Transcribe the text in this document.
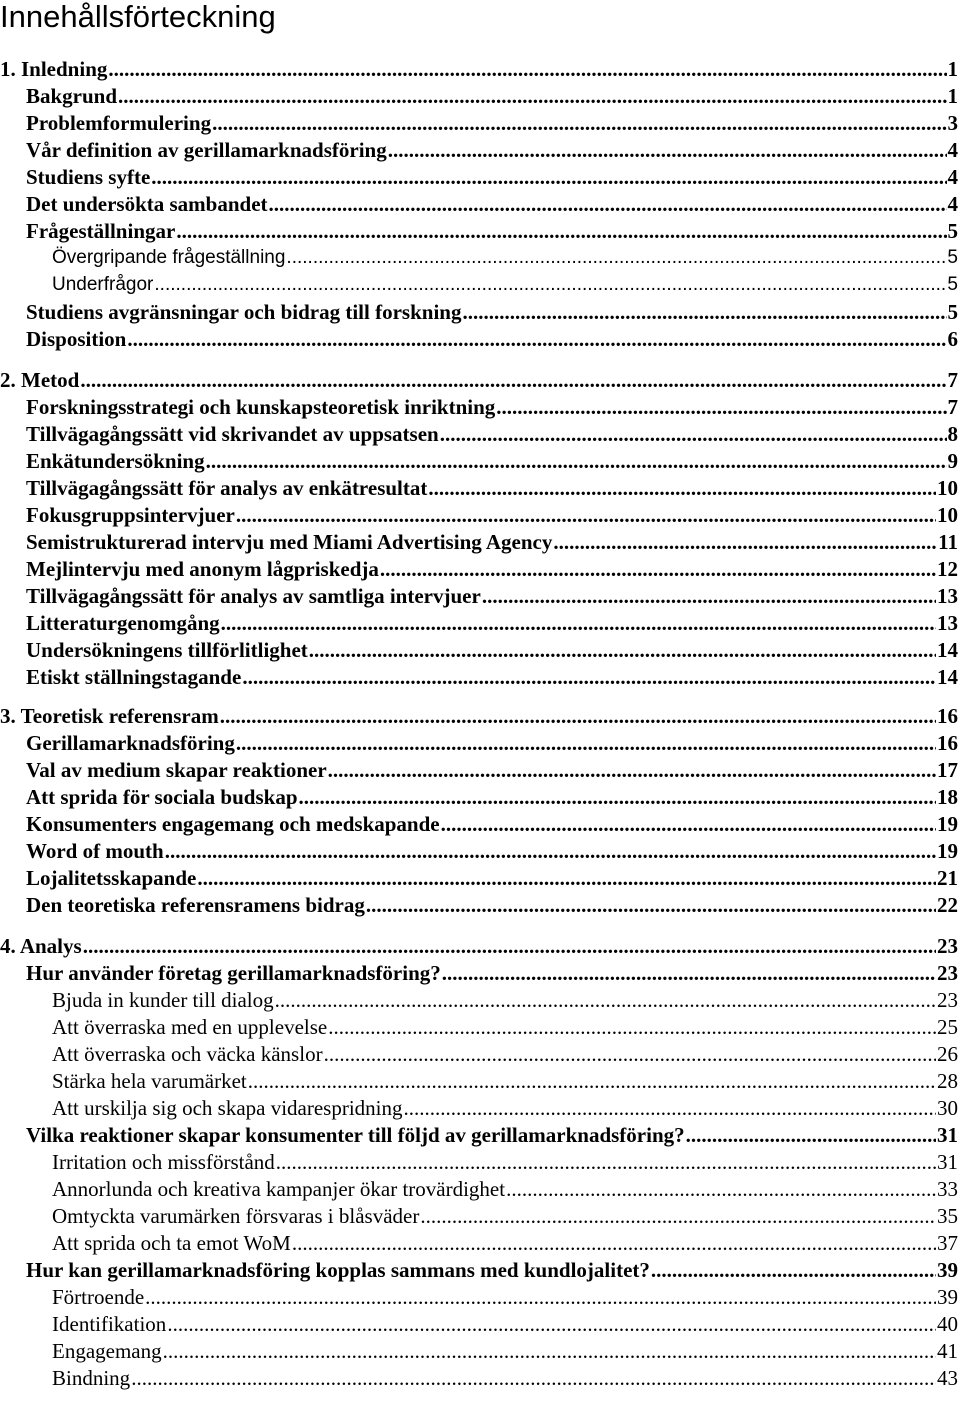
Innehållsförteckning
1. Inledning .....	1
Bakgrund .....	1
Problemformulering .....	3
Vår definition av gerillamarknadsföring .....	4
Studiens syfte .....	4
Det undersökta sambandet .....	4
Frågeställningar .....	5
Övergripande frågeställning .....	5
Underfrågor .....	5
Studiens avgränsningar och bidrag till forskning .....	5
Disposition .....	6
2. Metod .....	7
Forskningsstrategi och kunskapsteoretisk inriktning .....	7
Tillvägagångssätt vid skrivandet av uppsatsen .....	8
Enkätundersökning .....	9
Tillvägagångssätt för analys av enkätresultat .....	10
Fokusgruppsintervjuer .....	10
Semistrukturerad intervju med Miami Advertising Agency .....	11
Mejlintervju med anonym lågpriskedja .....	12
Tillvägagångssätt för analys av samtliga intervjuer .....	13
Litteraturgenomgång .....	13
Undersökningens tillförlitlighet .....	14
Etiskt ställningstagande .....	14
3. Teoretisk referensram .....	16
Gerillamarknadsföring .....	16
Val av medium skapar reaktioner .....	17
Att sprida för sociala budskap .....	18
Konsumenters engagemang och medskapande .....	19
Word of mouth .....	19
Lojalitetsskapande .....	21
Den teoretiska referensramens bidrag .....	22
4. Analys .....	23
Hur använder företag gerillamarknadsföring? .....	23
Bjuda in kunder till dialog .....	23
Att överraska med en upplevelse .....	25
Att överraska och väcka känslor .....	26
Stärka hela varumärket .....	28
Att urskilja sig och skapa vidarespridning .....	30
Vilka reaktioner skapar konsumenter till följd av gerillamarknadsföring? .....	31
Irritation och missförstånd .....	31
Annorlunda och kreativa kampanjer ökar trovärdighet .....	33
Omtyckta varumärken försvaras i blåsväder .....	35
Att sprida och ta emot WoM .....	37
Hur kan gerillamarknadsföring kopplas sammans med kundlojalitet? .....	39
Förtroende .....	39
Identifikation .....	40
Engagemang .....	41
Bindning .....	43
